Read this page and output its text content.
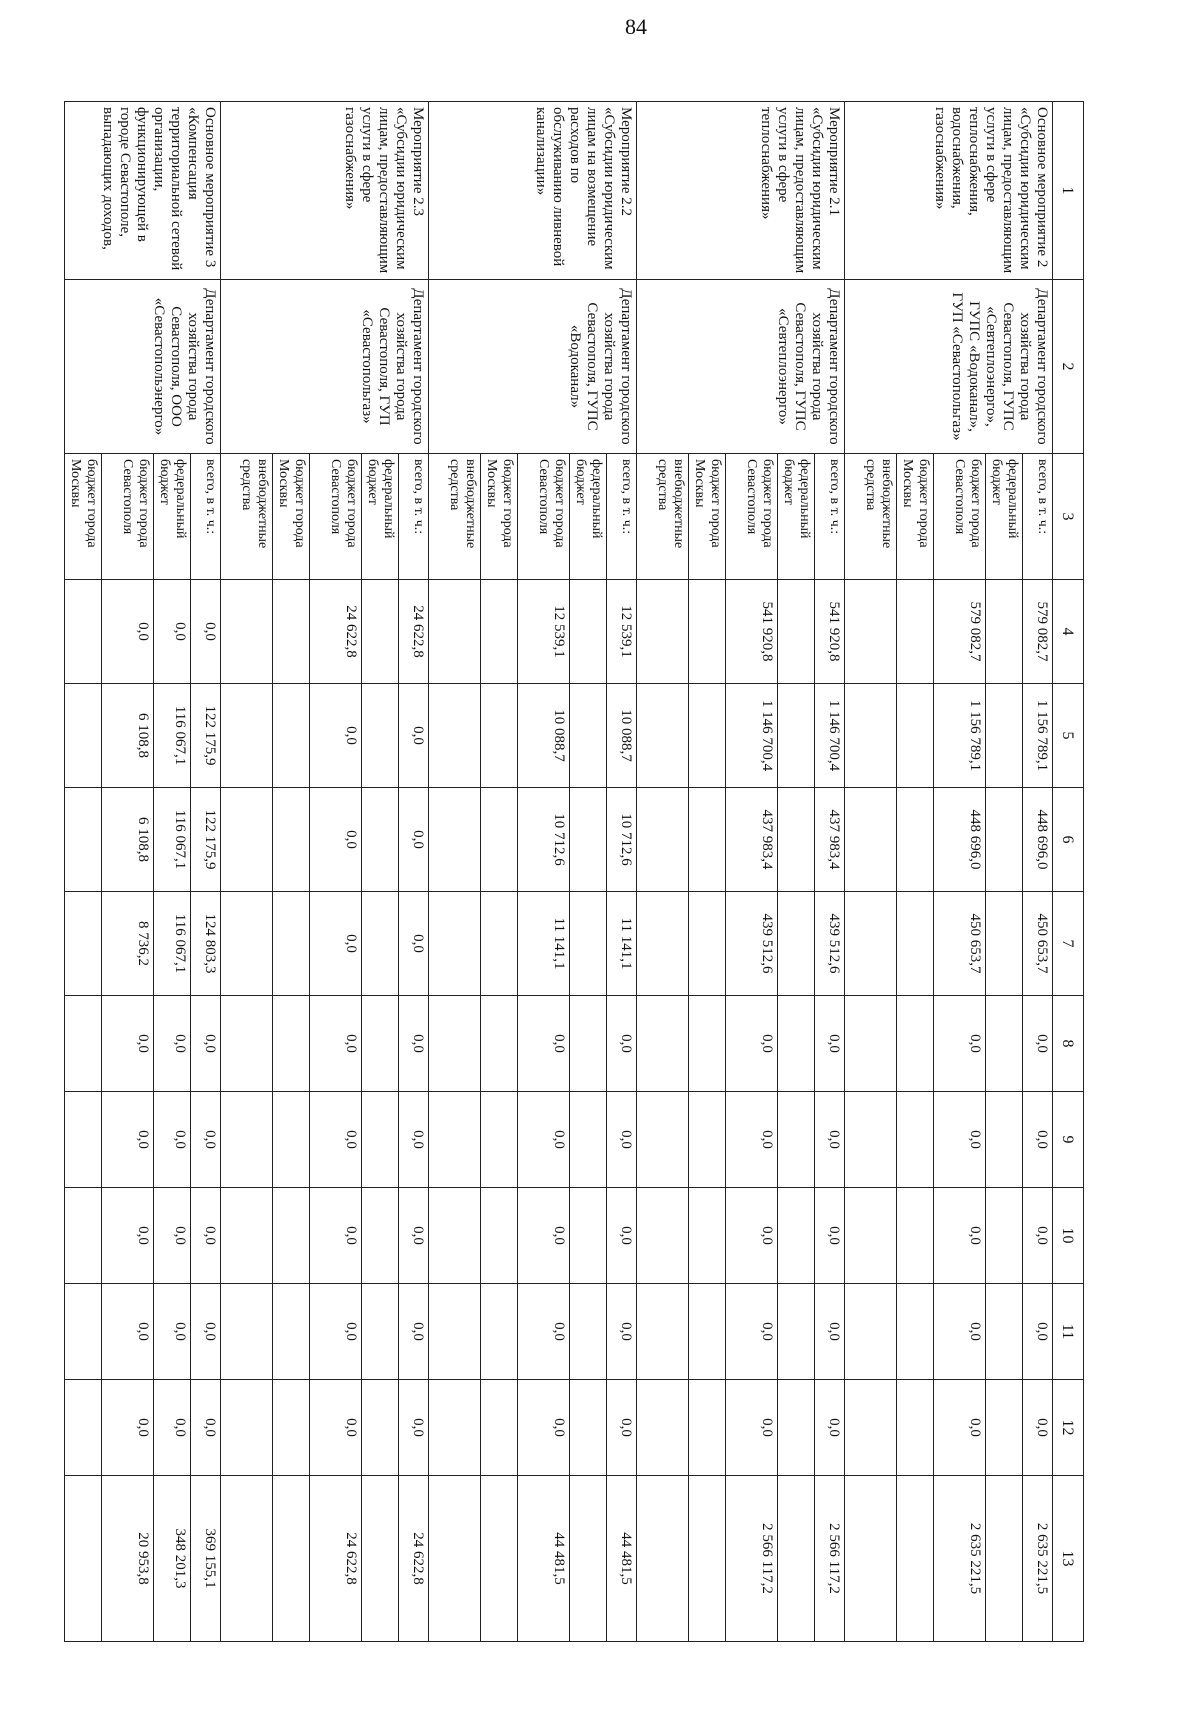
84
1	2	3	4	5	6	7	8	9	10	11	12	13
Основное мероприятие 2 «Субсидии юридическим лицам, предоставляющим услуги в сфере теплоснабжения, водоснабжения, газоснабжения»	Департамент городского хозяйства города Севастополя, ГУПС «Севтеплоэнерго», ГУПС «Водоканал», ГУП «Севастопольгаз»	всего, в т. ч.:	579 082,7	1 156 789,1	448 696,0	450 653,7	0,0	0,0	0,0	0,0	0,0	2 635 221,5
		федеральный бюджет										
		бюджет города Севастополя	579 082,7	1 156 789,1	448 696,0	450 653,7	0,0	0,0	0,0	0,0	0,0	2 635 221,5
		бюджет города Москвы										
		внебюджетные средства										
Мероприятие 2.1 «Субсидии юридическим лицам, предоставляющим услуги в сфере теплоснабжения»	Департамент городского хозяйства города Севастополя, ГУПС «Севтеплоэнерго»	всего, в т. ч.:	541 920,8	1 146 700,4	437 983,4	439 512,6	0,0	0,0	0,0	0,0	0,0	2 566 117,2
		федеральный бюджет										
		бюджет города Севастополя	541 920,8	1 146 700,4	437 983,4	439 512,6	0,0	0,0	0,0	0,0	0,0	2 566 117,2
		бюджет города Москвы										
		внебюджетные средства										
Мероприятие 2.2 «Субсидии юридическим лицам на возмещение расходов по обслуживанию ливневой канализации»	Департамент городского хозяйства города Севастополя, ГУПС «Водоканал»	всего, в т. ч.:	12 539,1	10 088,7	10 712,6	11 141,1	0,0	0,0	0,0	0,0	0,0	44 481,5
		федеральный бюджет										
		бюджет города Севастополя	12 539,1	10 088,7	10 712,6	11 141,1	0,0	0,0	0,0	0,0	0,0	44 481,5
		бюджет города Москвы										
		внебюджетные средства										
Мероприятие 2.3 «Субсидии юридическим лицам, предоставляющим услуги в сфере газоснабжения»	Департамент городского хозяйства города Севастополя, ГУП «Севастопольгаз»	всего, в т. ч.:	24 622,8	0,0	0,0	0,0	0,0	0,0	0,0	0,0	0,0	24 622,8
		федеральный бюджет										
		бюджет города Севастополя	24 622,8	0,0	0,0	0,0	0,0	0,0	0,0	0,0	0,0	24 622,8
		бюджет города Москвы										
		внебюджетные средства										
Основное мероприятие 3 «Компенсация территориальной сетевой организации, функционирующей в городе Севастополе, выпадающих доходов,	Департамент городского хозяйства города Севастополя, ООО «Севастопольэнерго»	всего, в т. ч.:	0,0	122 175,9	122 175,9	124 803,3	0,0	0,0	0,0	0,0	0,0	369 155,1
		федеральный бюджет	0,0	116 067,1	116 067,1	116 067,1	0,0	0,0	0,0	0,0	0,0	348 201,3
		бюджет города Севастополя	0,0	6 108,8	6 108,8	8 736,2	0,0	0,0	0,0	0,0	0,0	20 953,8
		бюджет города Москвы										
